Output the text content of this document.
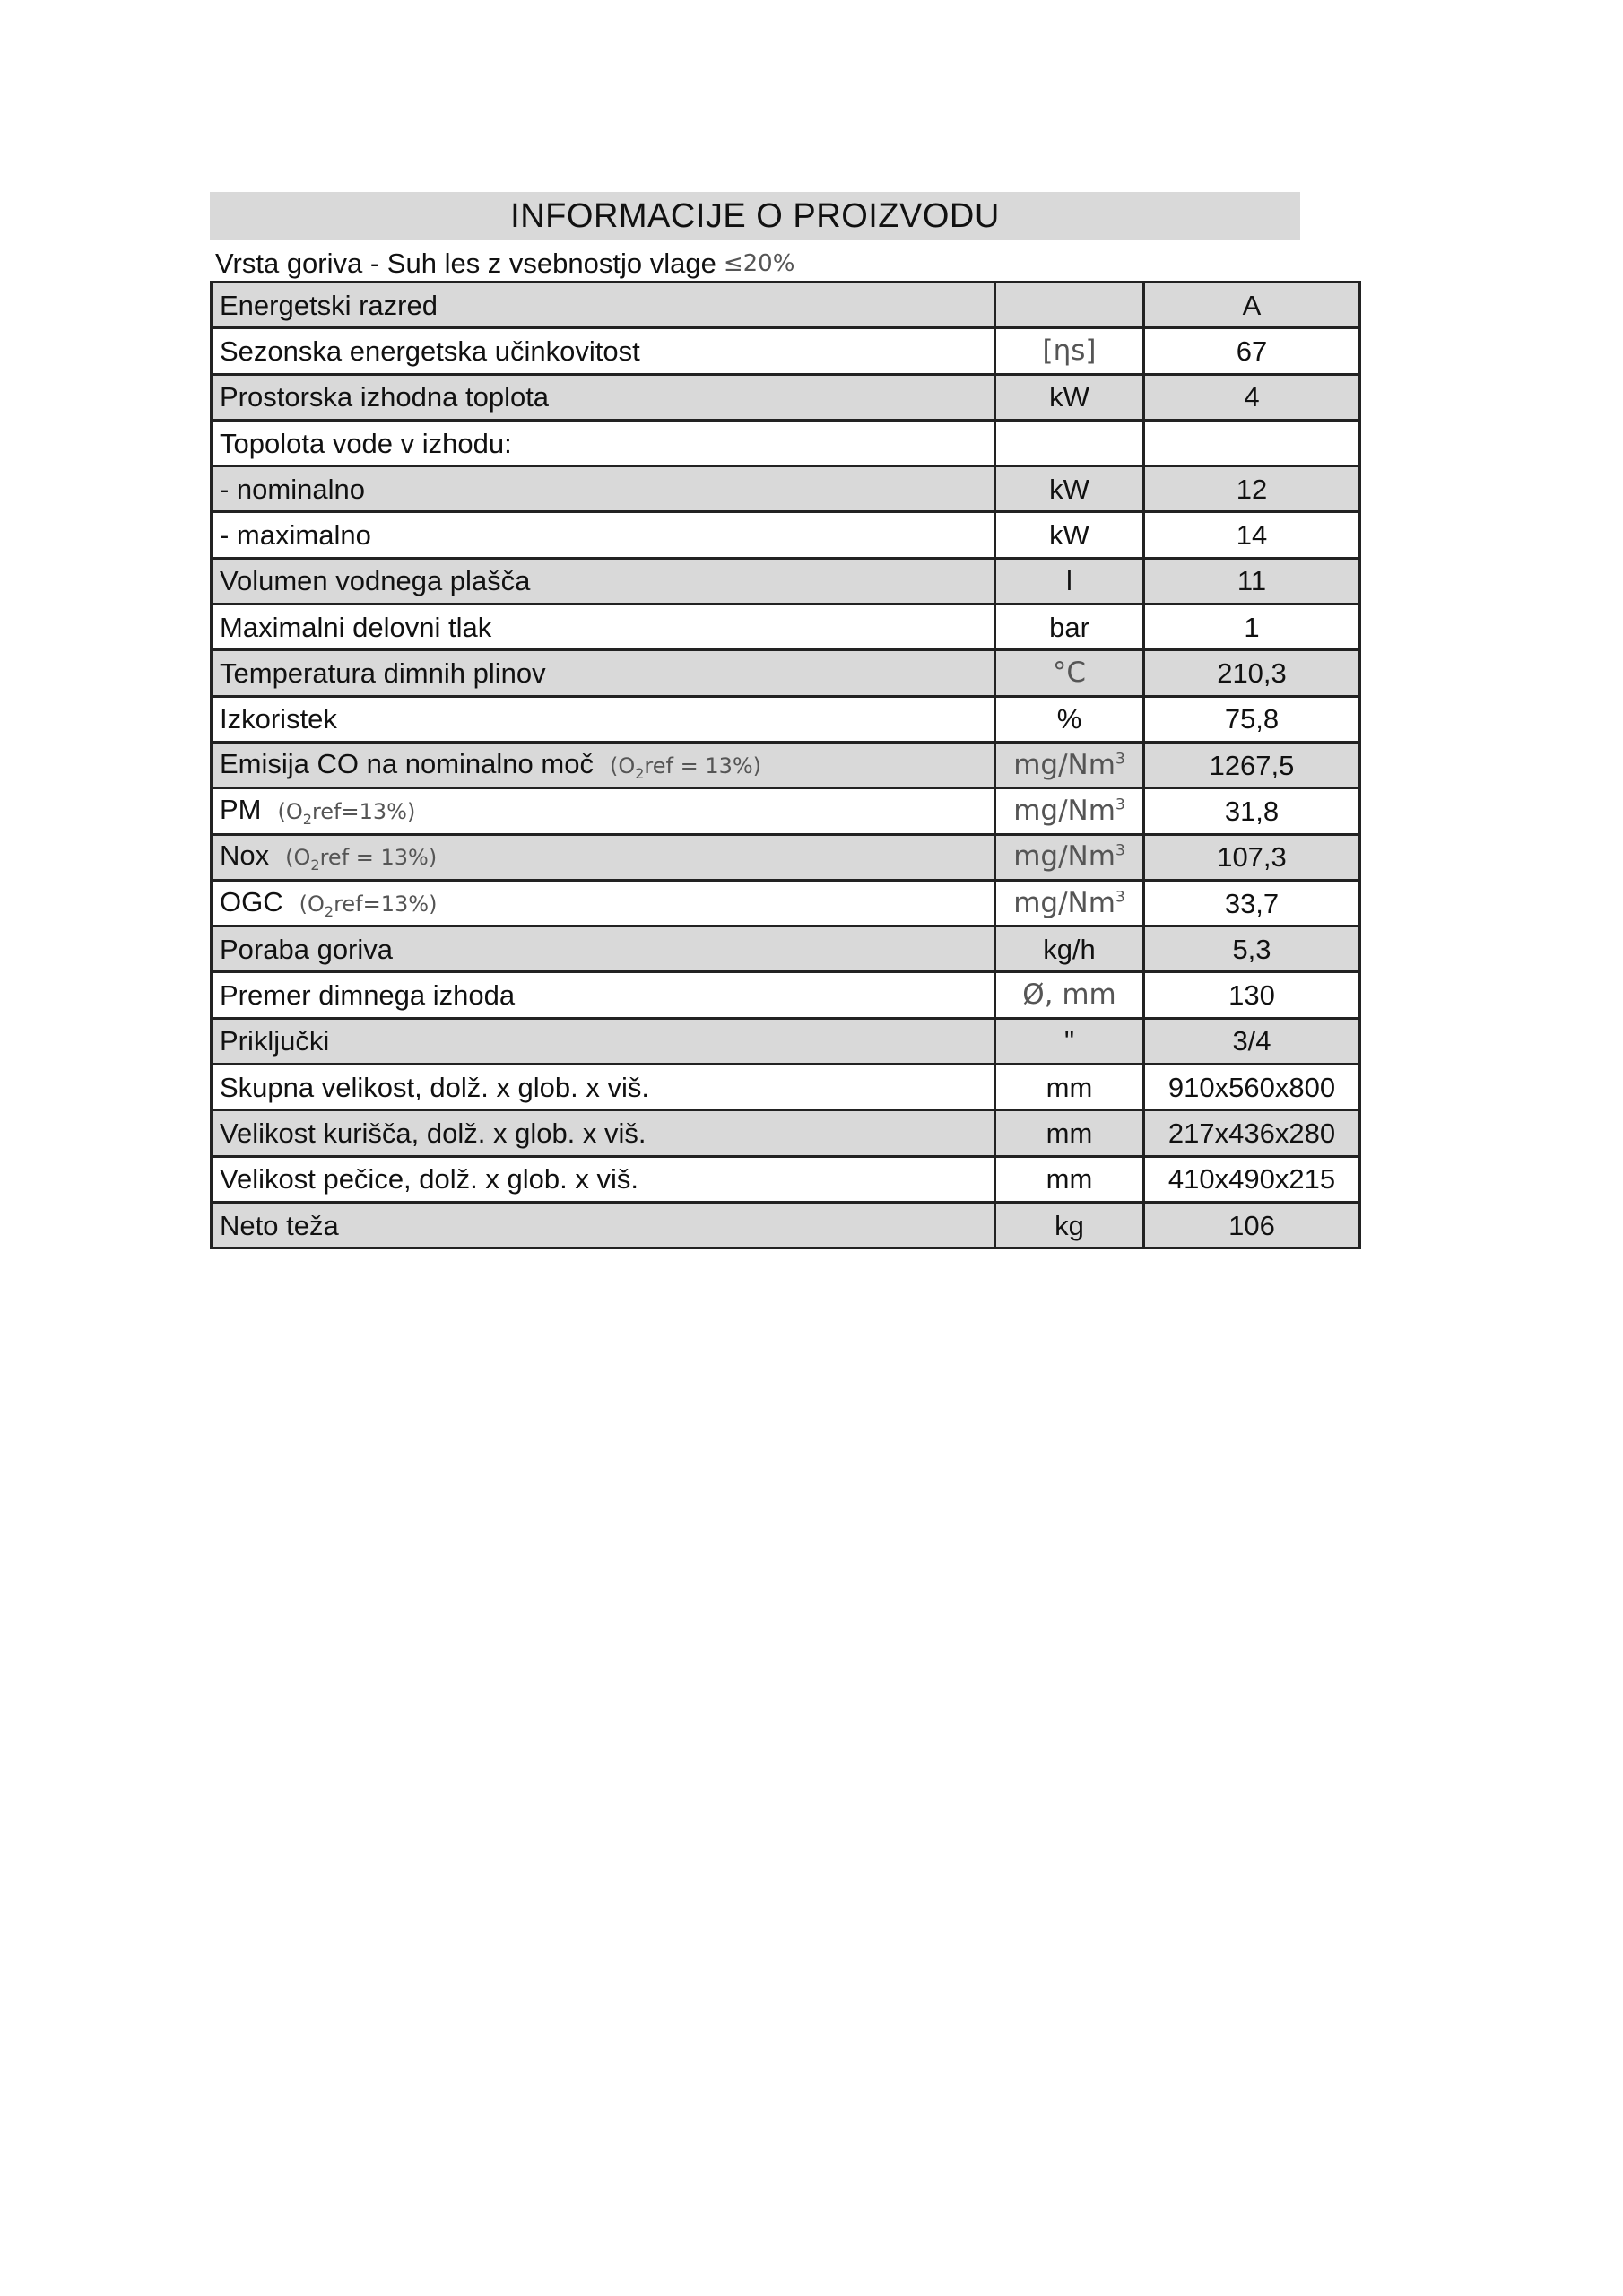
INFORMACIJE O PROIZVODU
Vrsta goriva - Suh les z vsebnostjo vlage ≤20%
Energetski razred		A
Sezonska energetska učinkovitost	[ηs]	67
Prostorska izhodna toplota	kW	4
Topolota vode v izhodu:		
- nominalno	kW	12
- maximalno	kW	14
Volumen vodnega plašča	l	11
Maximalni delovni tlak	bar	1
Temperatura dimnih plinov	°C	210,3
Izkoristek	%	75,8
Emisija CO na nominalno moč $(O_2ref = 13\%)$	mg/Nm$^3$	1267,5
PM $(O_2ref=13\%)$	mg/Nm$^3$	31,8
Nox $(O_2ref = 13\%)$	mg/Nm$^3$	107,3
OGC $(O_2ref=13\%)$	mg/Nm$^3$	33,7
Poraba goriva	kg/h	5,3
Premer dimnega izhoda	Ø, mm	130
Priključki	"	3/4
Skupna velikost, dolž. x glob. x viš.	mm	910x560x800
Velikost kurišča, dolž. x glob. x viš.	mm	217x436x280
Velikost pečice, dolž. x glob. x viš.	mm	410x490x215
Neto teža	kg	106
